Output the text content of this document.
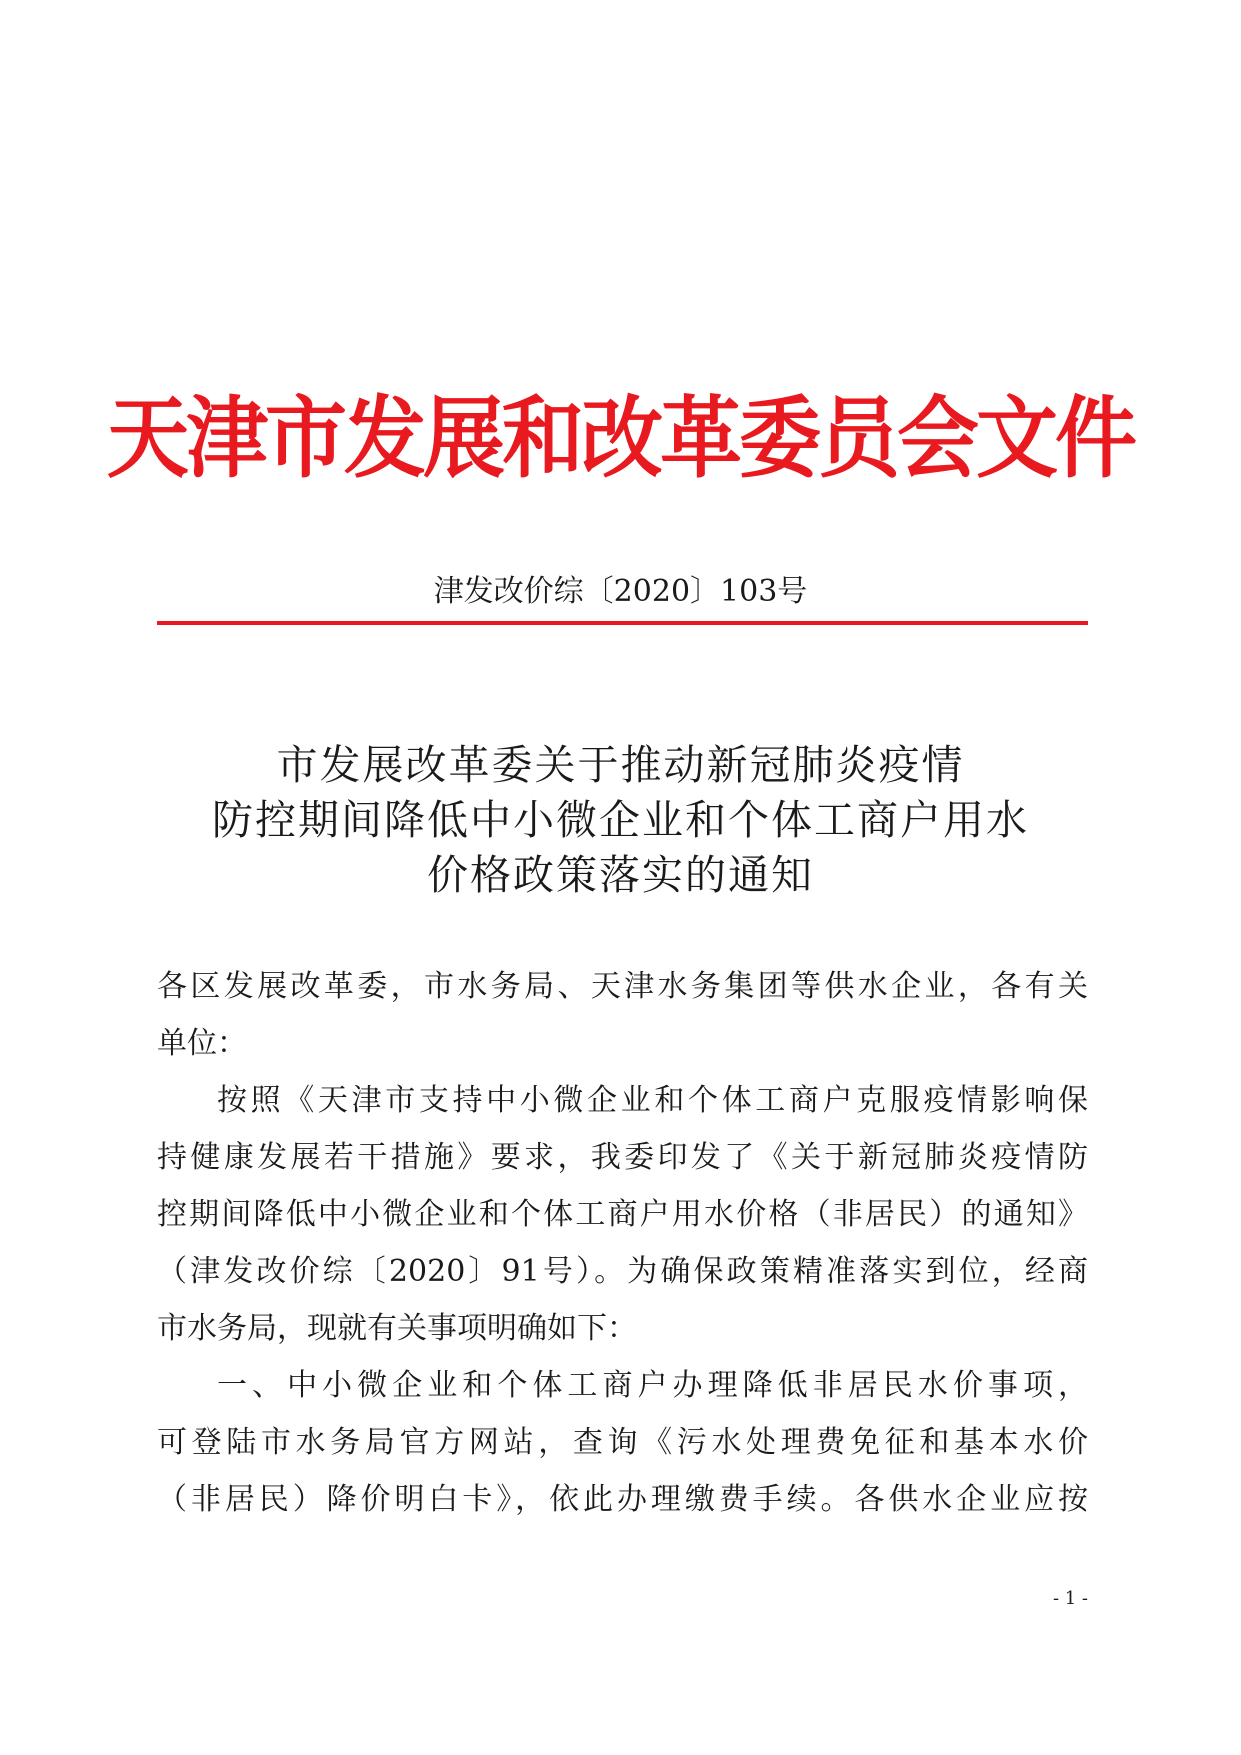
天津市发展和改革委员会文件
津发改价综〔2020〕103号
市发展改革委关于推动新冠肺炎疫情
防控期间降低中小微企业和个体工商户用水
价格政策落实的通知
各区发展改革委，市水务局、天津水务集团等供水企业，各有关
单位：
按照《天津市支持中小微企业和个体工商户克服疫情影响保
持健康发展若干措施》要求，我委印发了《关于新冠肺炎疫情防
控期间降低中小微企业和个体工商户用水价格（非居民）的通知》
（津发改价综〔2020〕91号）。为确保政策精准落实到位，经商
市水务局，现就有关事项明确如下：
一、中小微企业和个体工商户办理降低非居民水价事项，
可登陆市水务局官方网站，查询《污水处理费免征和基本水价
（非居民）降价明白卡》，依此办理缴费手续。各供水企业应按
- 1 -
